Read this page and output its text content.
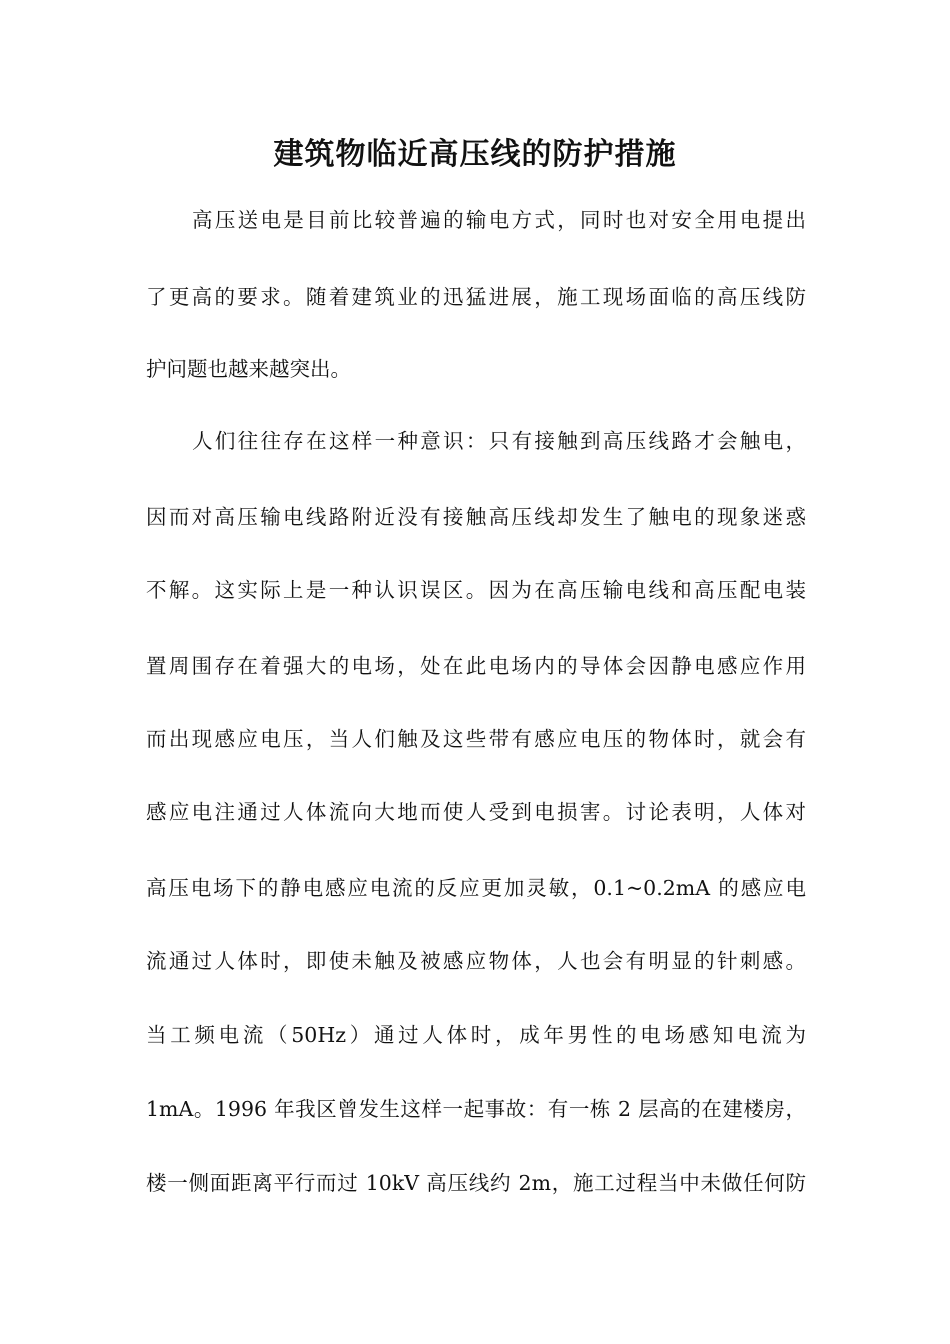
建筑物临近高压线的防护措施

高压送电是目前比较普遍的输电方式，同时也对安全用电提出

了更高的要求。随着建筑业的迅猛进展，施工现场面临的高压线防

护问题也越来越突出。

人们往往存在这样一种意识：只有接触到高压线路才会触电，

因而对高压输电线路附近没有接触高压线却发生了触电的现象迷惑

不解。这实际上是一种认识误区。因为在高压输电线和高压配电装

置周围存在着强大的电场，处在此电场内的导体会因静电感应作用

而出现感应电压，当人们触及这些带有感应电压的物体时，就会有

感应电注通过人体流向大地而使人受到电损害。讨论表明，人体对

高压电场下的静电感应电流的反应更加灵敏，0.1~0.2mA 的感应电

流通过人体时，即使未触及被感应物体，人也会有明显的针刺感。

当工频电流（50Hz）通过人体时，成年男性的电场感知电流为

1mA。1996 年我区曾发生这样一起事故：有一栋 2 层高的在建楼房，

楼一侧面距离平行而过 10kV 高压线约 2m，施工过程当中未做任何防
